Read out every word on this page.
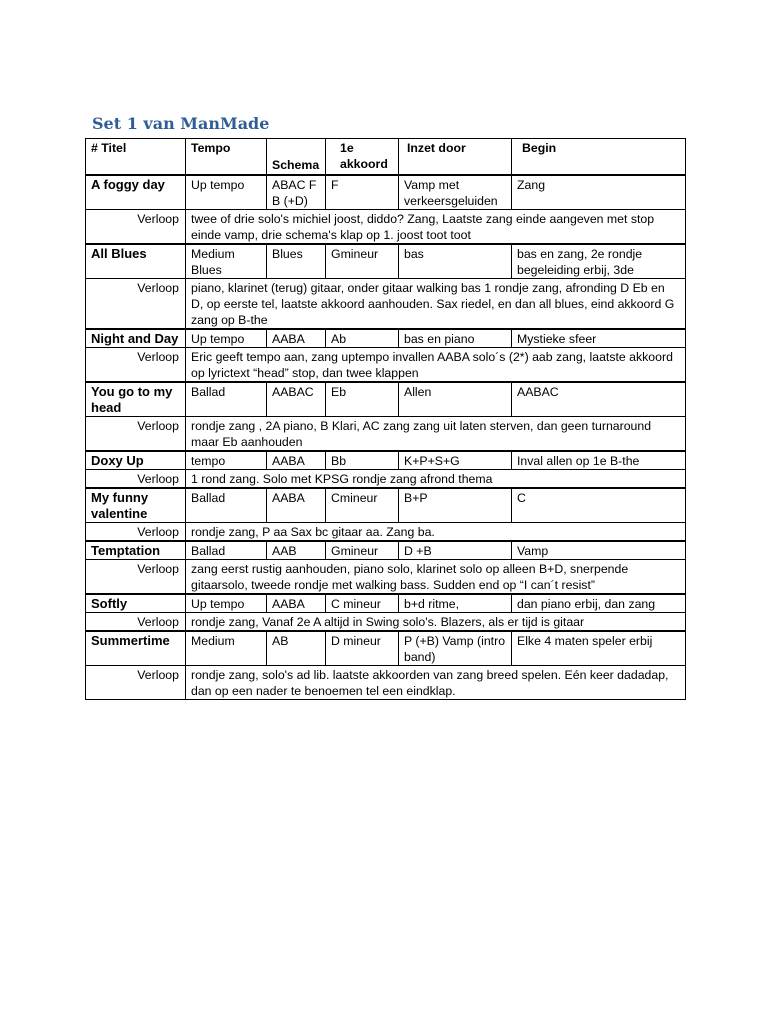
Set 1 van ManMade
# Titel	Tempo	Schema	1e akkoord	Inzet door	Begin
A foggy day	Up tempo	ABAC F B (+D)	F	Vamp met verkeersgeluiden	Zang
Verloop	twee of drie solo's michiel joost, diddo? Zang, Laatste zang einde aangeven met stop einde vamp, drie schema's klap op 1. joost toot toot				
All Blues	Medium Blues	Blues	Gmineur	bas	bas en zang, 2e rondje begeleiding erbij, 3de
Verloop	piano, klarinet (terug) gitaar, onder gitaar walking bas 1 rondje zang, afronding D Eb en D, op eerste tel, laatste akkoord aanhouden. Sax riedel, en dan all blues, eind akkoord G zang op B-the				
Night and Day	Up tempo	AABA	Ab	bas en piano	Mystieke sfeer
Verloop	Eric geeft tempo aan, zang uptempo invallen AABA solo´s (2*) aab zang, laatste akkoord op lyrictext “head” stop, dan twee klappen				
You go to my head	Ballad	AABAC	Eb	Allen	AABAC
Verloop	rondje zang , 2A piano, B Klari, AC zang zang uit laten sterven, dan geen turnaround maar Eb aanhouden				
Doxy Up	tempo	AABA	Bb	K+P+S+G	Inval allen op 1e B-the
Verloop	1 rond zang. Solo met KPSG rondje zang afrond thema				
My funny valentine	Ballad	AABA	Cmineur	B+P	C
Verloop	rondje zang, P aa Sax bc gitaar aa. Zang ba.				
Temptation	Ballad	AAB	Gmineur	D +B	Vamp
Verloop	zang eerst rustig aanhouden, piano solo, klarinet solo op alleen B+D, snerpende gitaarsolo, tweede rondje met walking bass. Sudden end op “I can´t resist”				
Softly	Up tempo	AABA	C mineur	b+d ritme,	dan piano erbij, dan zang
Verloop	rondje zang, Vanaf 2e A altijd in Swing solo's. Blazers, als er tijd is gitaar				
Summertime	Medium	AB	D mineur	P (+B) Vamp (intro band)	Elke 4 maten speler erbij
Verloop	rondje zang, solo's ad lib. laatste akkoorden van zang breed spelen. Eén keer dadadap, dan op een nader te benoemen tel een eindklap.				
